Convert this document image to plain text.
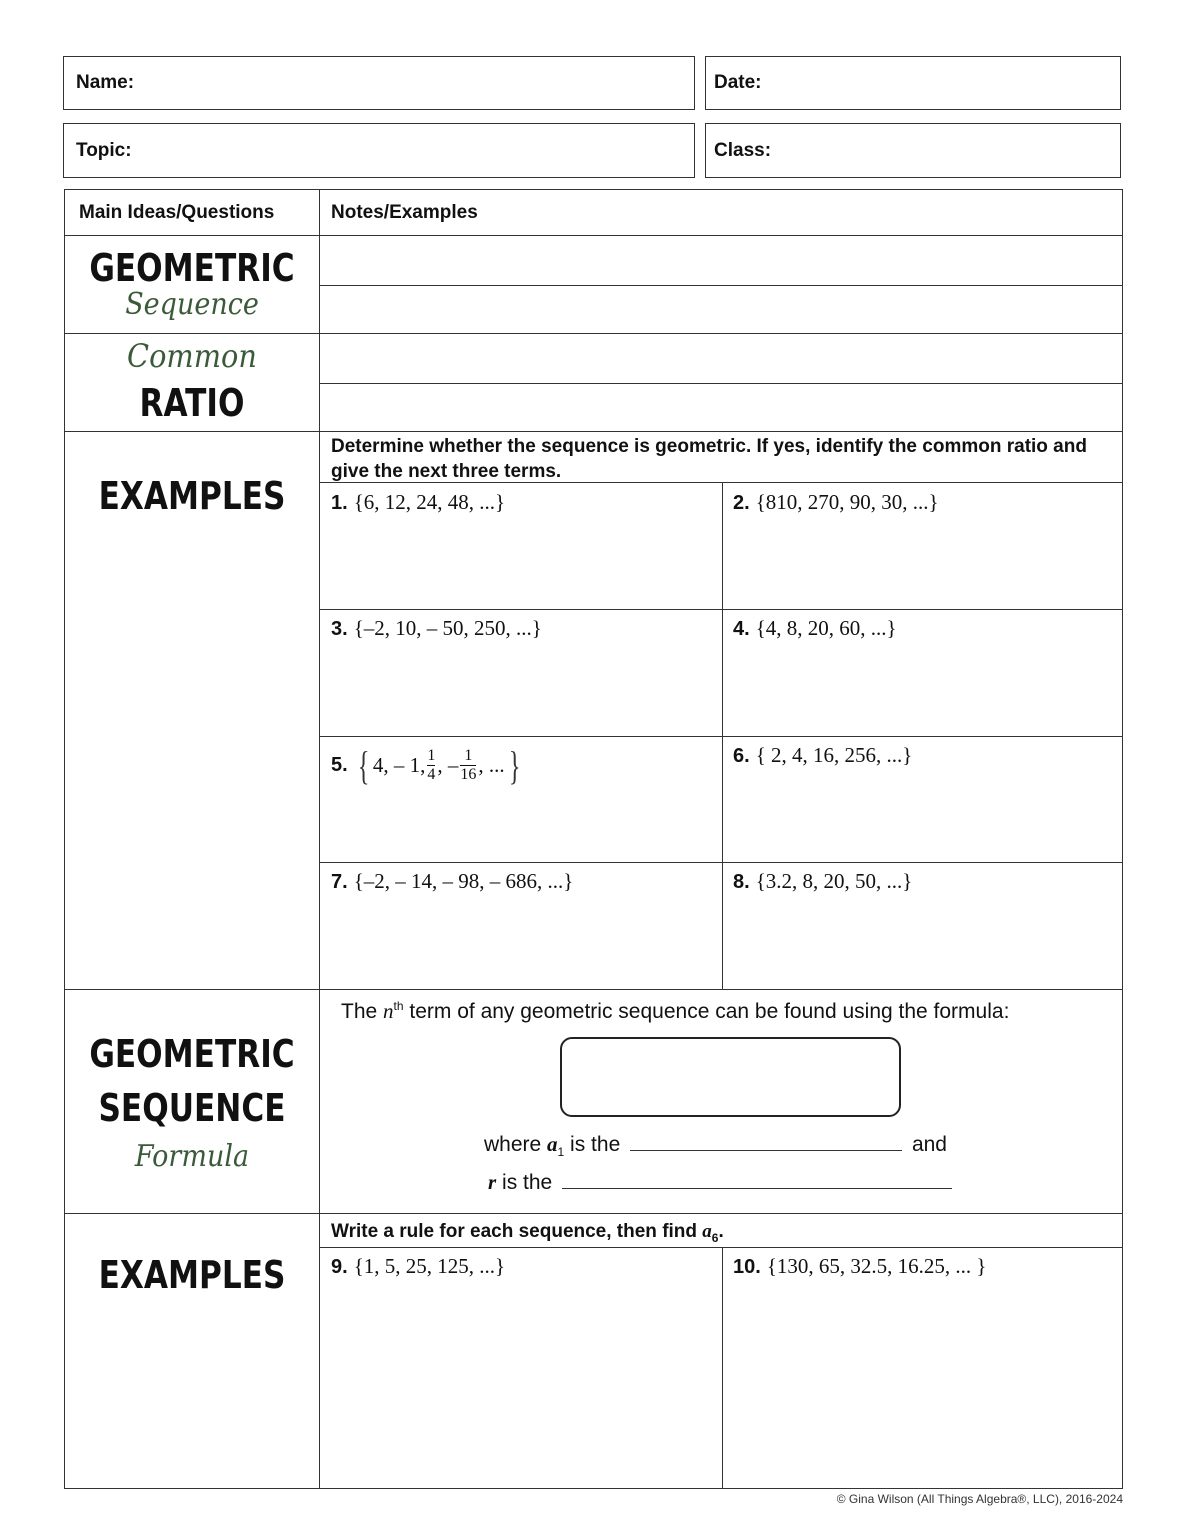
Name:	Date:
Topic:	Class:
Main Ideas/Questions	Notes/Examples
GEOMETRIC
Sequence
Common
RATIO
EXAMPLES
Determine whether the sequence is geometric. If yes, identify the common ratio and give the next three terms.
1. {6, 12, 24, 48, ...}	2. {810, 270, 90, 30, ...}
3. {–2, 10, – 50, 250, ...}	4. {4, 8, 20, 60, ...}
5. { 4, – 1, $\frac{1}{4}$ , – $\frac{1}{16}$ , ... }	6. { 2, 4, 16, 256, ...}
7. {–2, – 14, – 98, – 686, ...}	8. {3.2, 8, 20, 50, ...}
GEOMETRIC
SEQUENCE
Formula
The $n^{th}$ term of any geometric sequence can be found using the formula:
where $a_1$ is the	and
r is the
EXAMPLES
Write a rule for each sequence, then find $a_6$.
9. {1, 5, 25, 125, ...}	10. {130, 65, 32.5, 16.25, ... }
© Gina Wilson (All Things Algebra®, LLC), 2016-2024
